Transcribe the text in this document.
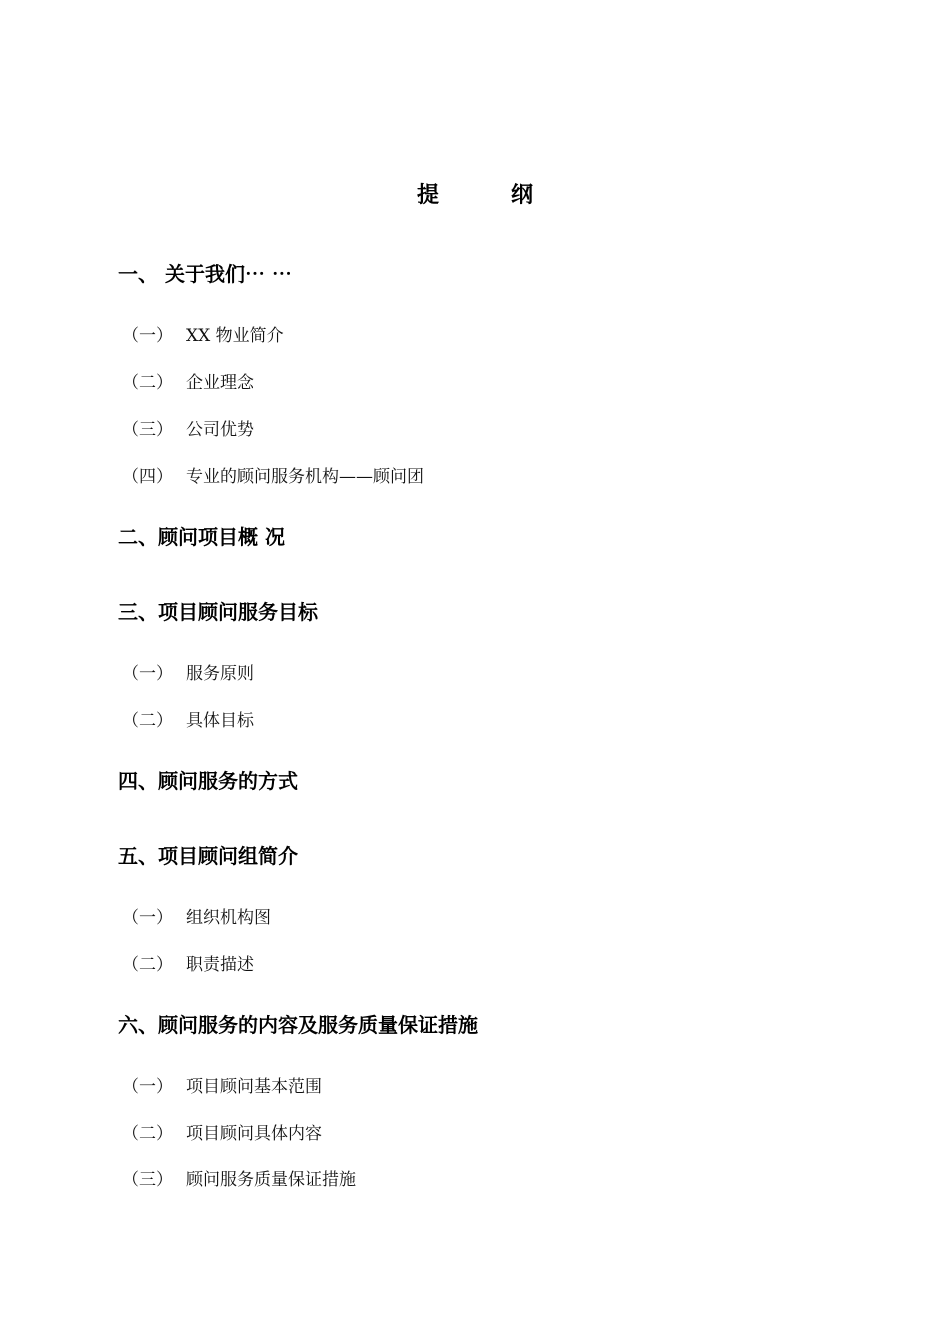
提	纲
一、 关于我们⋯ ⋯
（一） XX 物业简介
（二） 企业理念
（三） 公司优势
（四） 专业的顾问服务机构——顾问团
二、顾问项目概 况
三、项目顾问服务目标
（一） 服务原则
（二） 具体目标
四、顾问服务的方式
五、项目顾问组简介
（一） 组织机构图
（二） 职责描述
六、顾问服务的内容及服务质量保证措施
（一） 项目顾问基本范围
（二） 项目顾问具体内容
（三） 顾问服务质量保证措施
